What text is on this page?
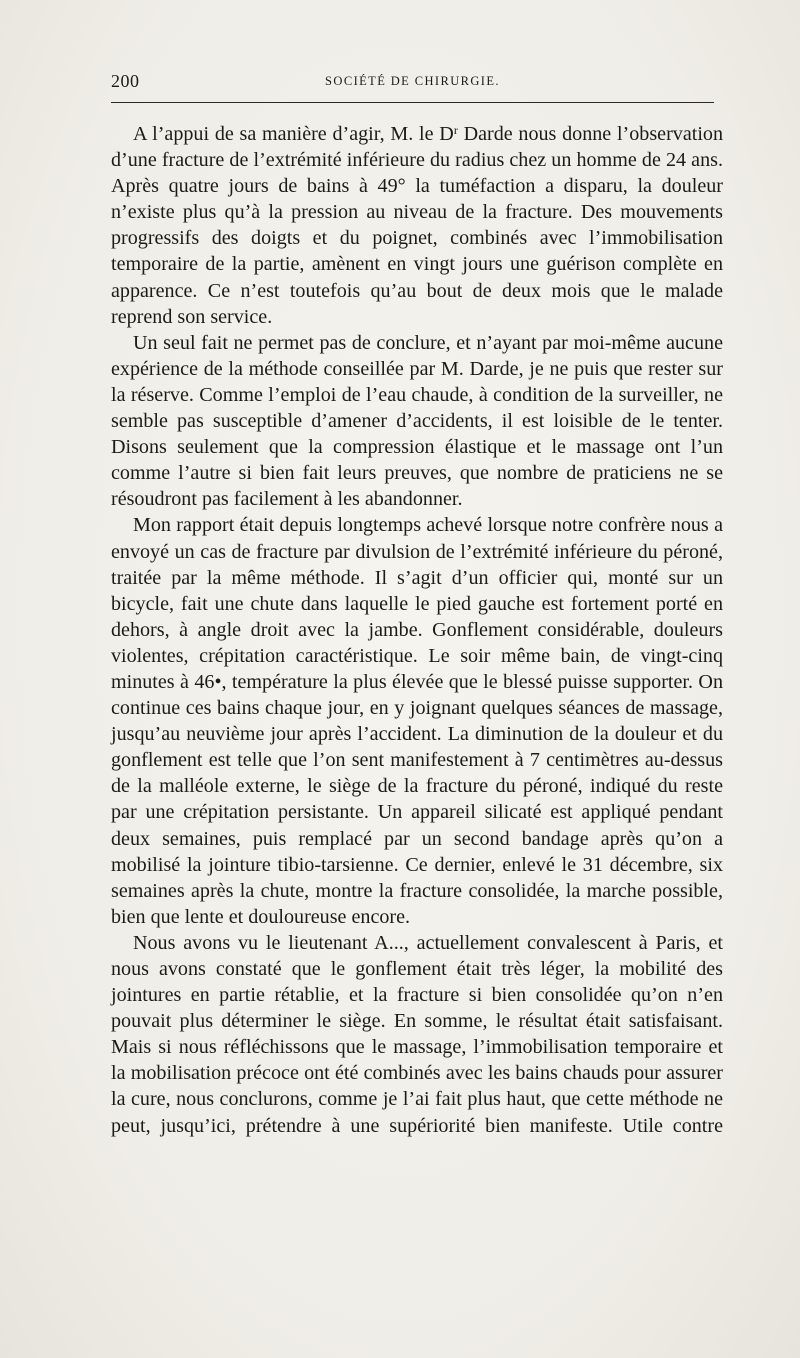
200	SOCIÉTÉ DE CHIRURGIE.

A l’appui de sa manière d’agir, M. le $D^r$ Darde nous donne l’observation d’une fracture de l’extrémité inférieure du radius chez un homme de 24 ans. Après quatre jours de bains à 49° la tuméfaction a disparu, la douleur n’existe plus qu’à la pression au niveau de la fracture. Des mouvements progressifs des doigts et du poignet, combinés avec l’immobilisation temporaire de la partie, amènent en vingt jours une guérison complète en apparence. Ce n’est toutefois qu’au bout de deux mois que le malade reprend son service.

Un seul fait ne permet pas de conclure, et n’ayant par moi-même aucune expérience de la méthode conseillée par M. Darde, je ne puis que rester sur la réserve. Comme l’emploi de l’eau chaude, à condition de la surveiller, ne semble pas susceptible d’amener d’accidents, il est loisible de le tenter. Disons seulement que la compression élastique et le massage ont l’un comme l’autre si bien fait leurs preuves, que nombre de praticiens ne se résoudront pas facilement à les abandonner.

Mon rapport était depuis longtemps achevé lorsque notre confrère nous a envoyé un cas de fracture par divulsion de l’extrémité inférieure du péroné, traitée par la même méthode. Il s’agit d’un officier qui, monté sur un bicycle, fait une chute dans laquelle le pied gauche est fortement porté en dehors, à angle droit avec la jambe. Gonflement considérable, douleurs violentes, crépitation caractéristique. Le soir même bain, de vingt-cinq minutes à 46•, température la plus élevée que le blessé puisse supporter. On continue ces bains chaque jour, en y joignant quelques séances de massage, jusqu’au neuvième jour après l’accident. La diminution de la douleur et du gonflement est telle que l’on sent manifestement à 7 centimètres au-dessus de la malléole externe, le siège de la fracture du péroné, indiqué du reste par une crépitation persistante. Un appareil silicaté est appliqué pendant deux semaines, puis remplacé par un second bandage après qu’on a mobilisé la jointure tibio-tarsienne. Ce dernier, enlevé le 31 décembre, six semaines après la chute, montre la fracture consolidée, la marche possible, bien que lente et douloureuse encore.

Nous avons vu le lieutenant A..., actuellement convalescent à Paris, et nous avons constaté que le gonflement était très léger, la mobilité des jointures en partie rétablie, et la fracture si bien consolidée qu’on n’en pouvait plus déterminer le siège. En somme, le résultat était satisfaisant. Mais si nous réfléchissons que le massage, l’immobilisation temporaire et la mobilisation précoce ont été combinés avec les bains chauds pour assurer la cure, nous conclurons, comme je l’ai fait plus haut, que cette méthode ne peut, jusqu’ici, prétendre à une supériorité bien manifeste. Utile contre
